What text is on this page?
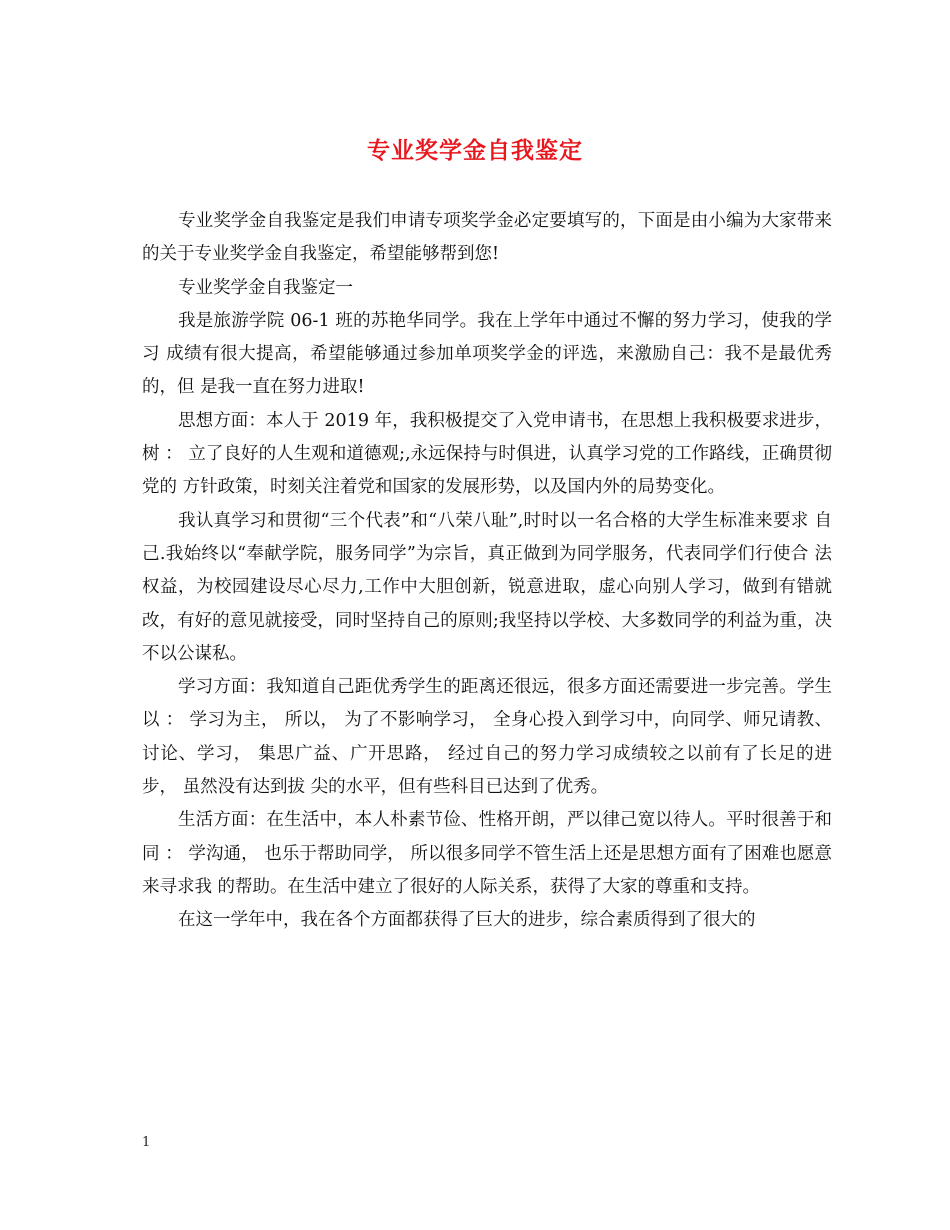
专业奖学金自我鉴定

专业奖学金自我鉴定是我们申请专项奖学金必定要填写的，下面是由小编为大家带来的关于专业奖学金自我鉴定，希望能够帮到您!

专业奖学金自我鉴定一

我是旅游学院 06-1 班的苏艳华同学。我在上学年中通过不懈的努力学习，使我的学习 成绩有很大提高，希望能够通过参加单项奖学金的评选，来激励自己：我不是最优秀的，但 是我一直在努力进取!

思想方面：本人于 2019 年，我积极提交了入党申请书，在思想上我积极要求进步，树 ： 立了良好的人生观和道德观;,永远保持与时俱进，认真学习党的工作路线，正确贯彻党的 方针政策，时刻关注着党和国家的发展形势，以及国内外的局势变化。

我认真学习和贯彻“三个代表”和“八荣八耻”,时时以一名合格的大学生标准来要求 自己.我始终以“奉献学院，服务同学”为宗旨，真正做到为同学服务，代表同学们行使合 法权益，为校园建设尽心尽力,工作中大胆创新，锐意进取，虚心向别人学习，做到有错就 改，有好的意见就接受，同时坚持自己的原则;我坚持以学校、大多数同学的利益为重，决 不以公谋私。

学习方面：我知道自己距优秀学生的距离还很远，很多方面还需要进一步完善。学生以 ： 学习为主， 所以， 为了不影响学习， 全身心投入到学习中，向同学、师兄请教、讨论、学习， 集思广益、广开思路， 经过自己的努力学习成绩较之以前有了长足的进步， 虽然没有达到拔 尖的水平，但有些科目已达到了优秀。

生活方面：在生活中，本人朴素节俭、性格开朗，严以律己宽以待人。平时很善于和同 ： 学沟通， 也乐于帮助同学， 所以很多同学不管生活上还是思想方面有了困难也愿意来寻求我 的帮助。在生活中建立了很好的人际关系，获得了大家的尊重和支持。

在这一学年中，我在各个方面都获得了巨大的进步，综合素质得到了很大的

1
